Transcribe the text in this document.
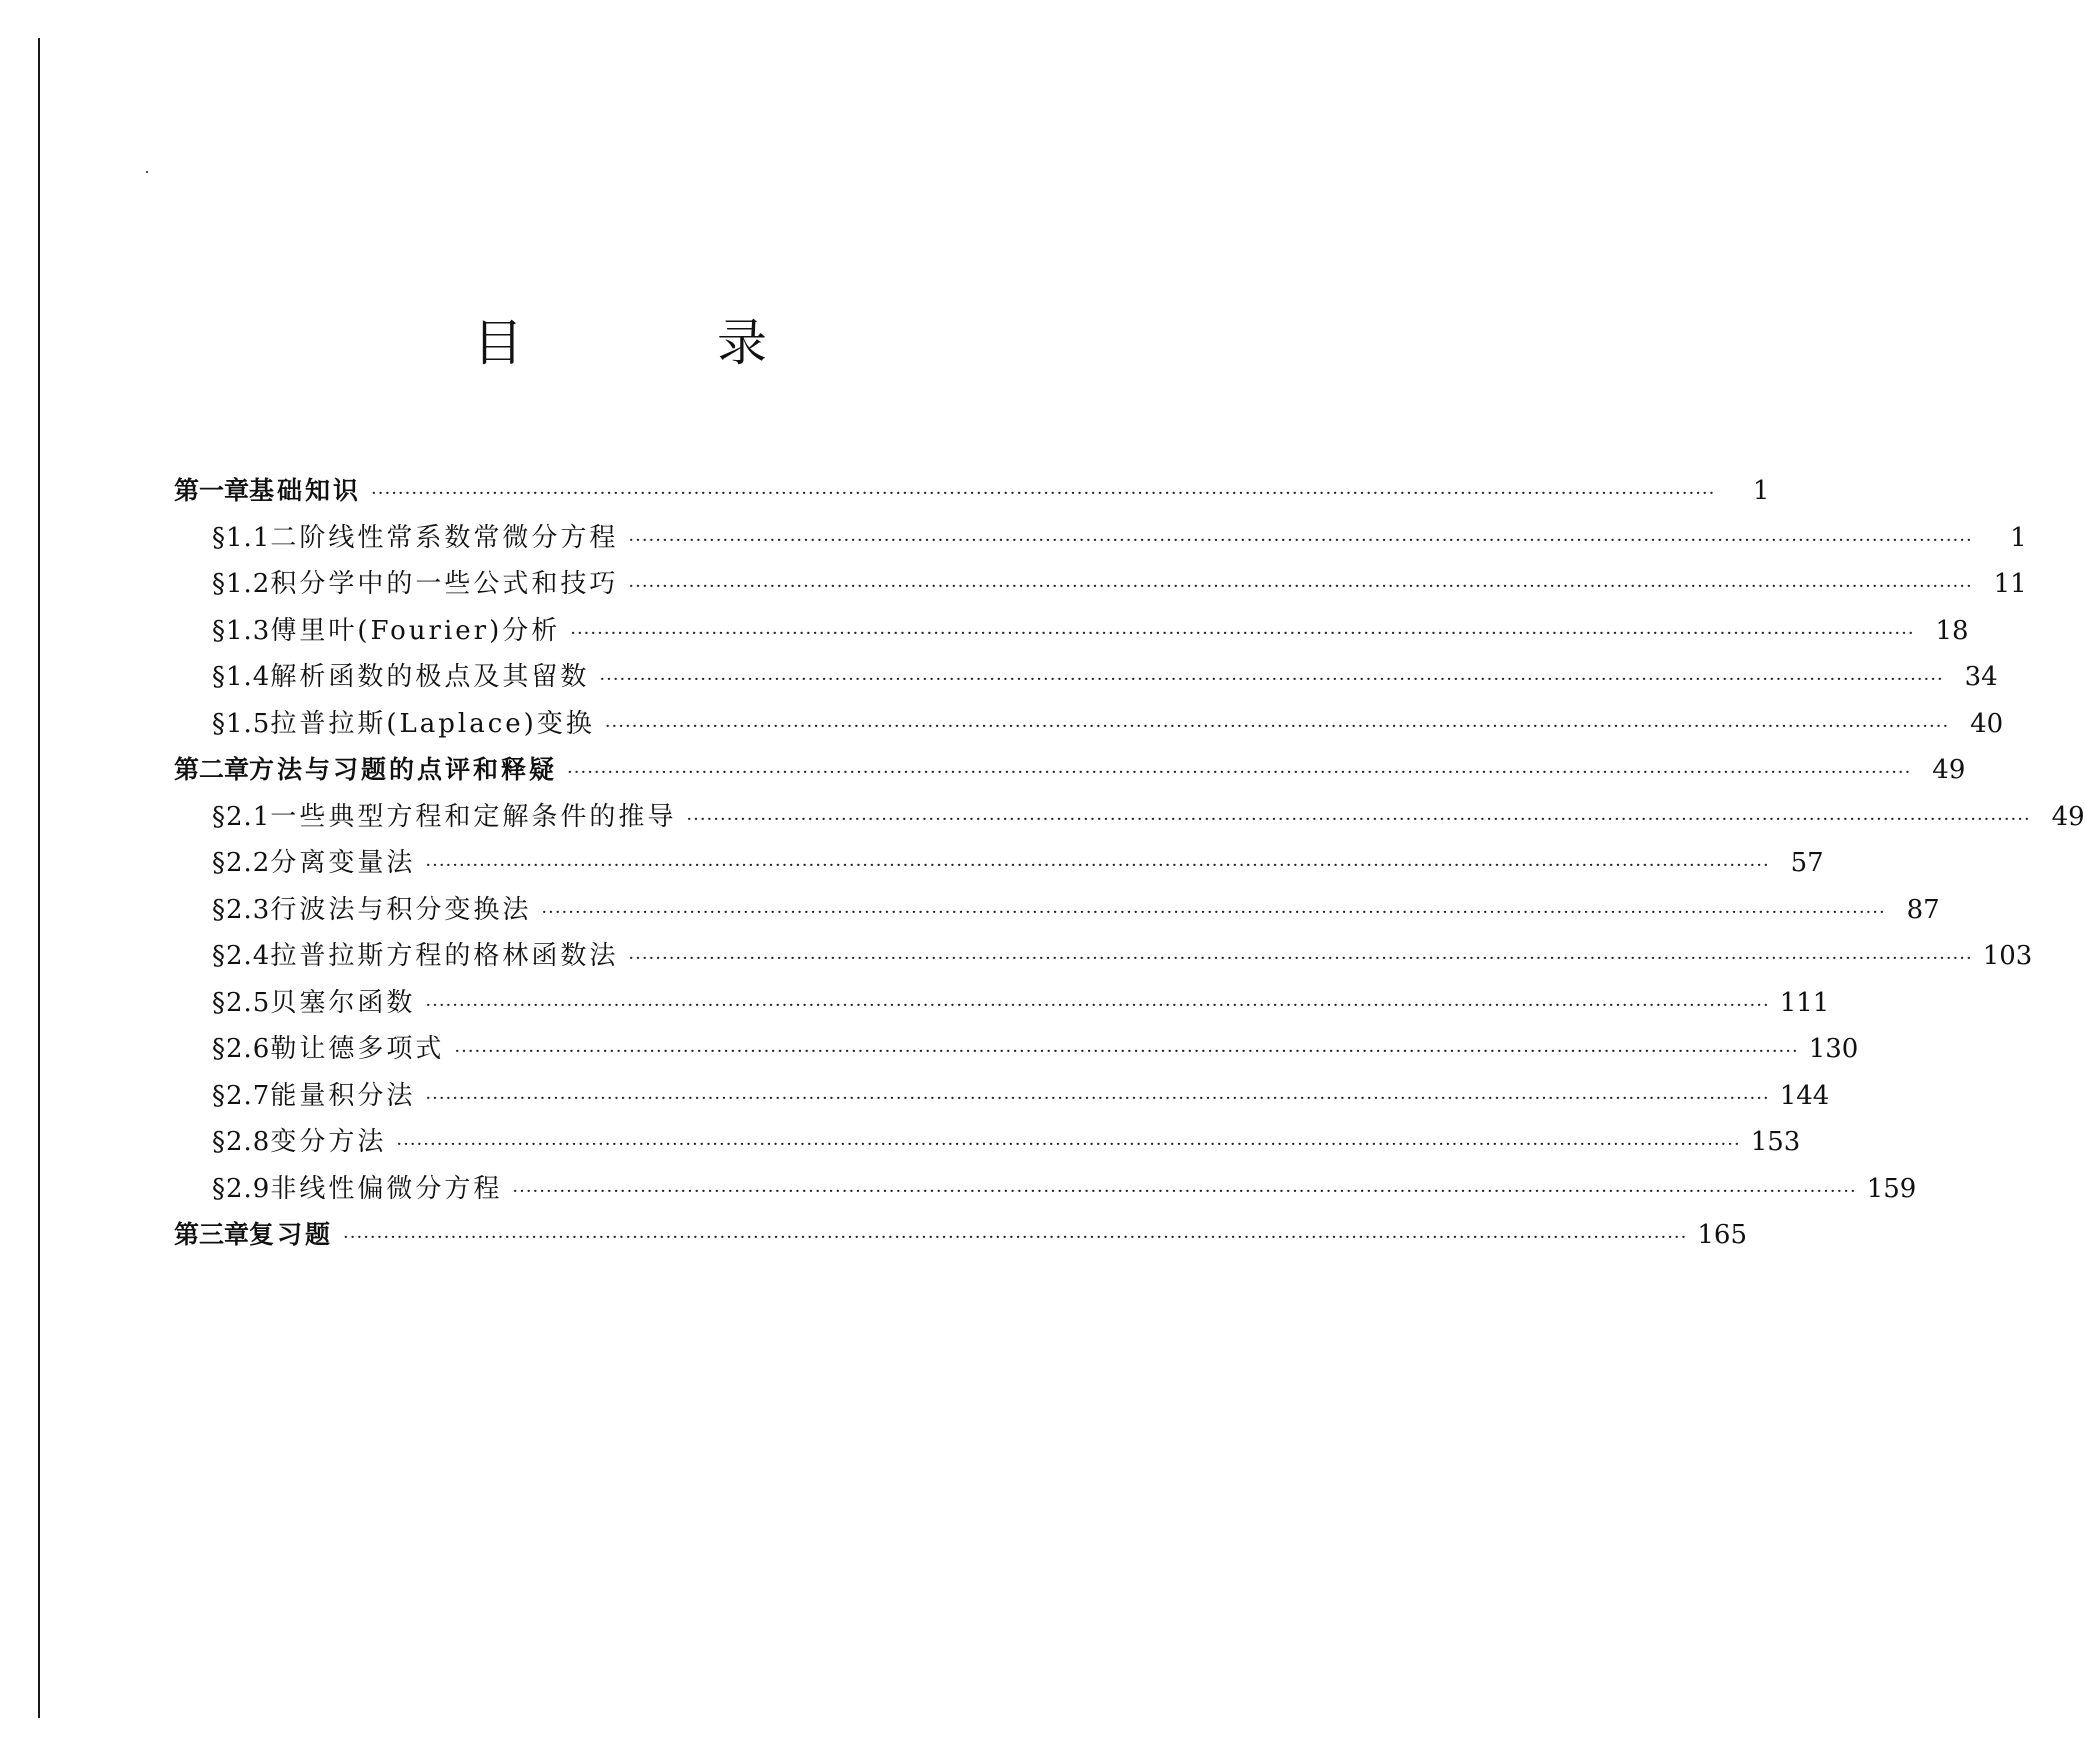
目　录
第一章 基础知识 ········································································································································································································	1
§1.1 二阶线性常系数常微分方程 ········································································································································································································	1
§1.2 积分学中的一些公式和技巧 ········································································································································································································ 11
§1.3 傅里叶(Fourier)分析 ········································································································································································································ 18
§1.4 解析函数的极点及其留数 ········································································································································································································ 34
§1.5 拉普拉斯(Laplace)变换 ········································································································································································································ 40
第二章 方法与习题的点评和释疑 ········································································································································································································ 49
§2.1 一些典型方程和定解条件的推导 ········································································································································································································ 49
§2.2 分离变量法 ········································································································································································································ 57
§2.3 行波法与积分变换法 ········································································································································································································ 87
§2.4 拉普拉斯方程的格林函数法 ········································································································································································································ 103
§2.5 贝塞尔函数 ········································································································································································································ 111
§2.6 勒让德多项式 ········································································································································································································ 130
§2.7 能量积分法 ········································································································································································································ 144
§2.8 变分方法 ········································································································································································································ 153
§2.9 非线性偏微分方程 ········································································································································································································ 159
第三章 复习题 ········································································································································································································ 165
